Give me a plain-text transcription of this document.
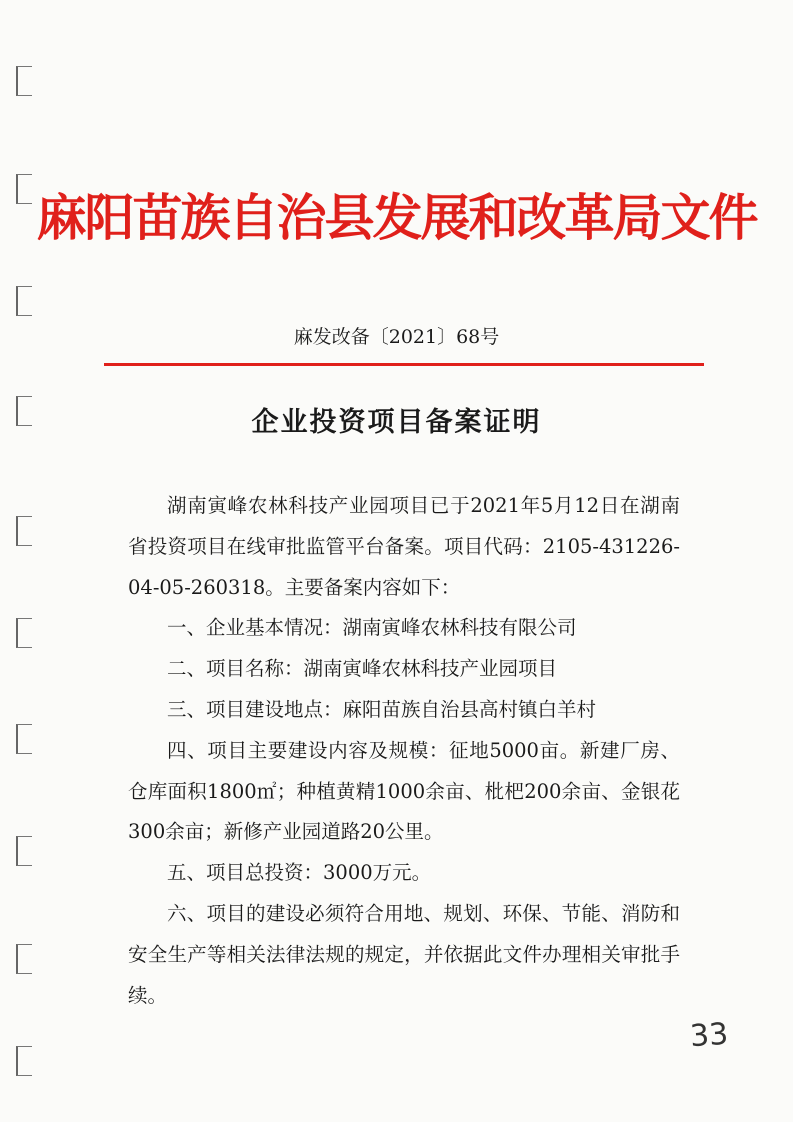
麻阳苗族自治县发展和改革局文件
麻发改备〔2021〕68号
企业投资项目备案证明

湖南寅峰农林科技产业园项目已于2021年5月12日在湖南省投资项目在线审批监管平台备案。项目代码：2105-431226-04-05-260318。主要备案内容如下：

一、企业基本情况：湖南寅峰农林科技有限公司

二、项目名称：湖南寅峰农林科技产业园项目

三、项目建设地点：麻阳苗族自治县高村镇白羊村

四、项目主要建设内容及规模：征地5000亩。新建厂房、仓库面积1800㎡；种植黄精1000余亩、枇杷200余亩、金银花300余亩；新修产业园道路20公里。

五、项目总投资：3000万元。

六、项目的建设必须符合用地、规划、环保、节能、消防和安全生产等相关法律法规的规定，并依据此文件办理相关审批手续。

33
